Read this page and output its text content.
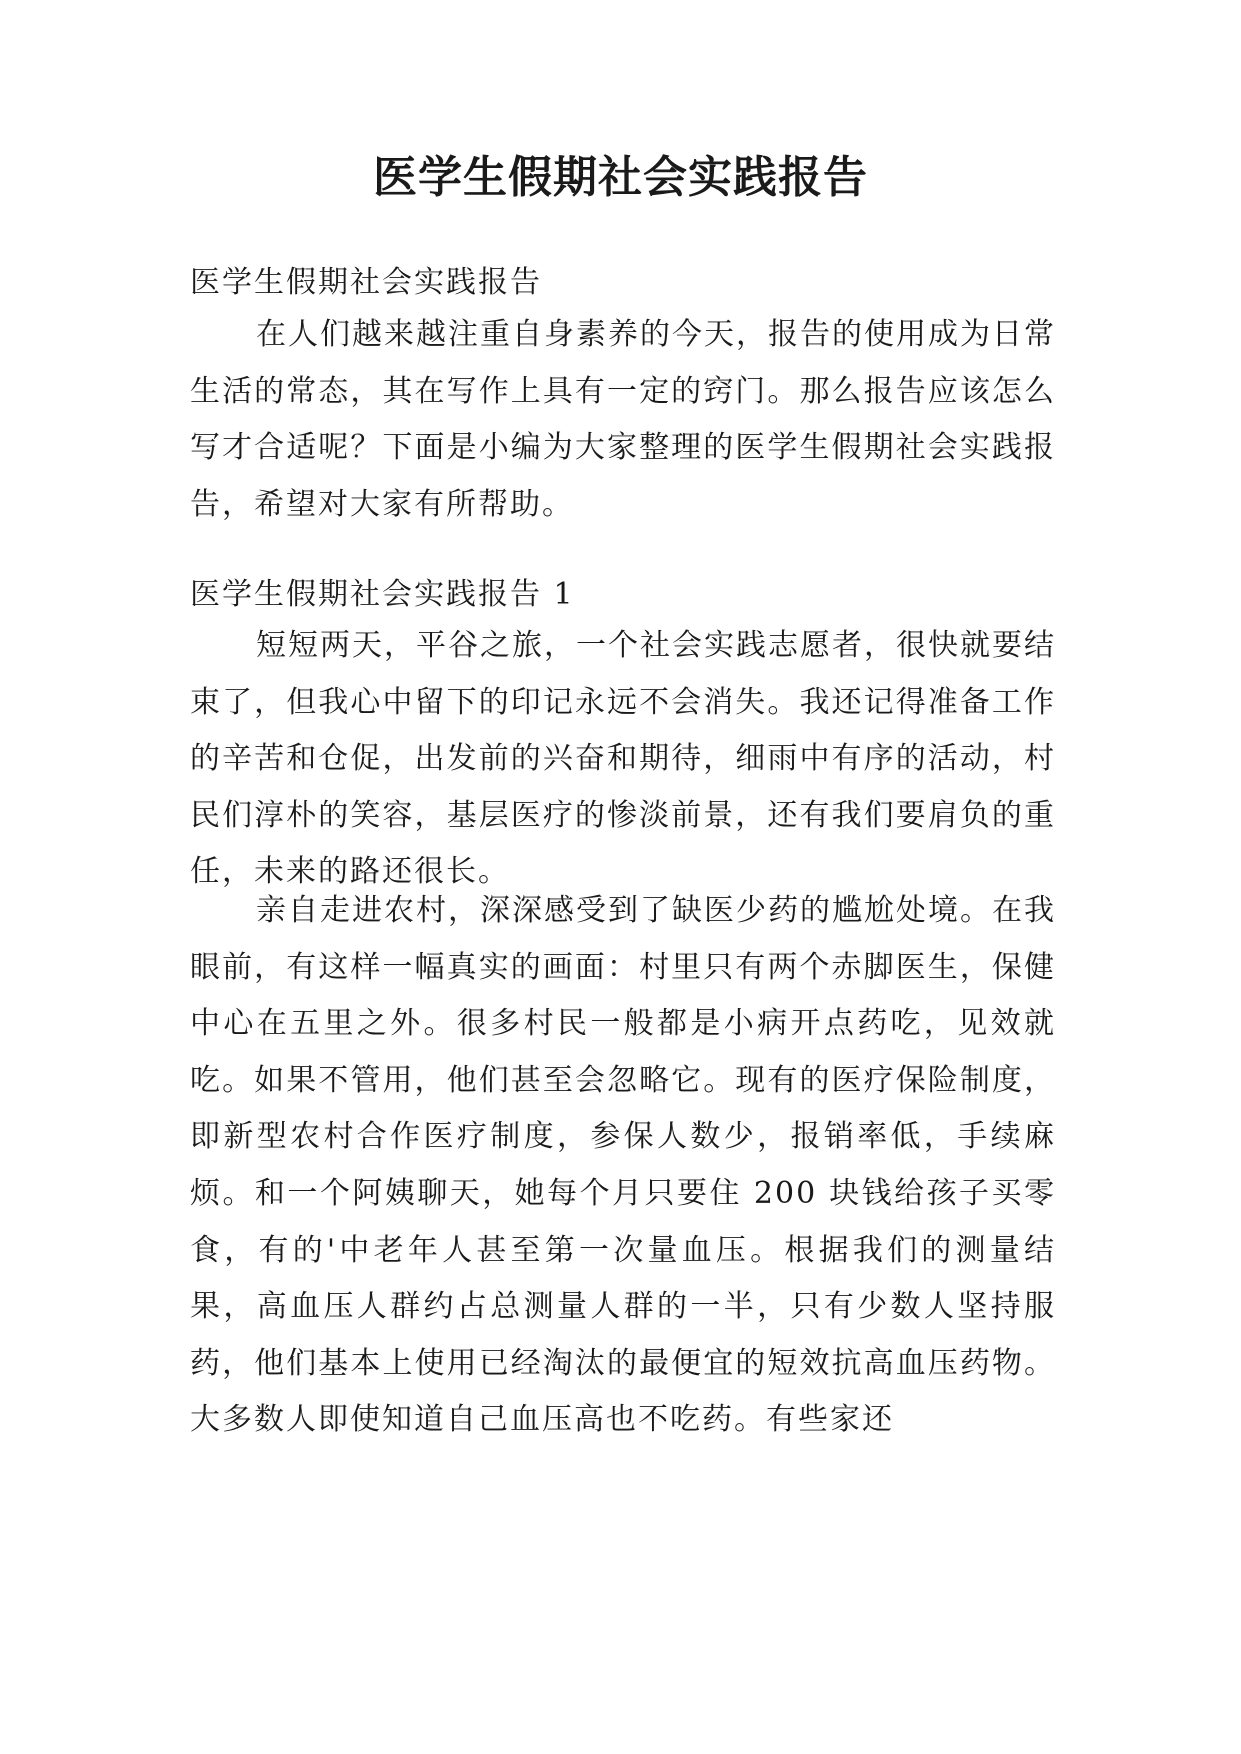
医学生假期社会实践报告
医学生假期社会实践报告

在人们越来越注重自身素养的今天，报告的使用成为日常生活的常态，其在写作上具有一定的窍门。那么报告应该怎么写才合适呢？下面是小编为大家整理的医学生假期社会实践报告，希望对大家有所帮助。

医学生假期社会实践报告 1

短短两天，平谷之旅，一个社会实践志愿者，很快就要结束了，但我心中留下的印记永远不会消失。我还记得准备工作的辛苦和仓促，出发前的兴奋和期待，细雨中有序的活动，村民们淳朴的笑容，基层医疗的惨淡前景，还有我们要肩负的重任，未来的路还很长。

亲自走进农村，深深感受到了缺医少药的尴尬处境。在我眼前，有这样一幅真实的画面：村里只有两个赤脚医生，保健中心在五里之外。很多村民一般都是小病开点药吃，见效就吃。如果不管用，他们甚至会忽略它。现有的医疗保险制度，即新型农村合作医疗制度，参保人数少，报销率低，手续麻烦。和一个阿姨聊天，她每个月只要住 200 块钱给孩子买零食，有的'中老年人甚至第一次量血压。根据我们的测量结果，高血压人群约占总测量人群的一半，只有少数人坚持服药，他们基本上使用已经淘汰的最便宜的短效抗高血压药物。大多数人即使知道自己血压高也不吃药。有些家还
